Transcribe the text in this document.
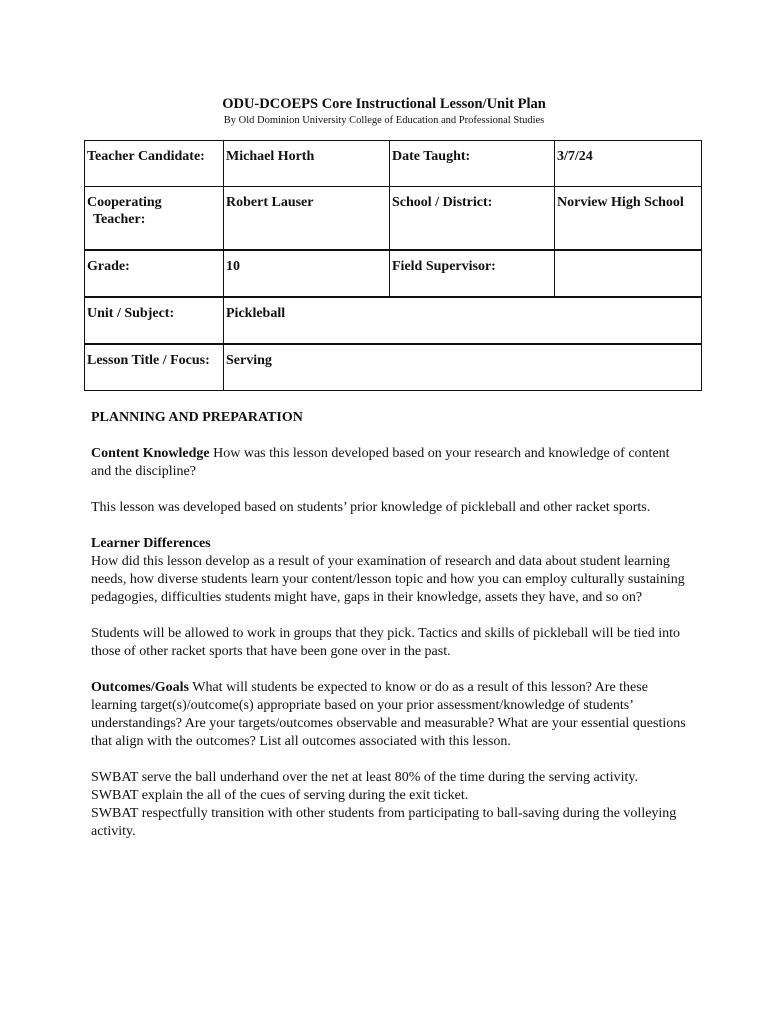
ODU-DCOEPS Core Instructional Lesson/Unit Plan
By Old Dominion University College of Education and Professional Studies
Teacher Candidate:	Michael Horth	Date Taught:	3/7/24
Cooperating
Teacher:	Robert Lauser	School / District:	Norview High School
Grade:	10	Field Supervisor:	
Unit / Subject:	Pickleball		
Lesson Title / Focus:	Serving		

PLANNING AND PREPARATION

Content Knowledge How was this lesson developed based on your research and knowledge of content and the discipline?

This lesson was developed based on students’ prior knowledge of pickleball and other racket sports.

Learner Differences

How did this lesson develop as a result of your examination of research and data about student learning needs, how diverse students learn your content/lesson topic and how you can employ culturally sustaining pedagogies, difficulties students might have, gaps in their knowledge, assets they have, and so on?

Students will be allowed to work in groups that they pick. Tactics and skills of pickleball will be tied into those of other racket sports that have been gone over in the past.

Outcomes/Goals What will students be expected to know or do as a result of this lesson? Are these learning target(s)/outcome(s) appropriate based on your prior assessment/knowledge of students’ understandings? Are your targets/outcomes observable and measurable? What are your essential questions that align with the outcomes? List all outcomes associated with this lesson.

SWBAT serve the ball underhand over the net at least 80% of the time during the serving activity.

SWBAT explain the all of the cues of serving during the exit ticket.

SWBAT respectfully transition with other students from participating to ball-saving during the volleying activity.
